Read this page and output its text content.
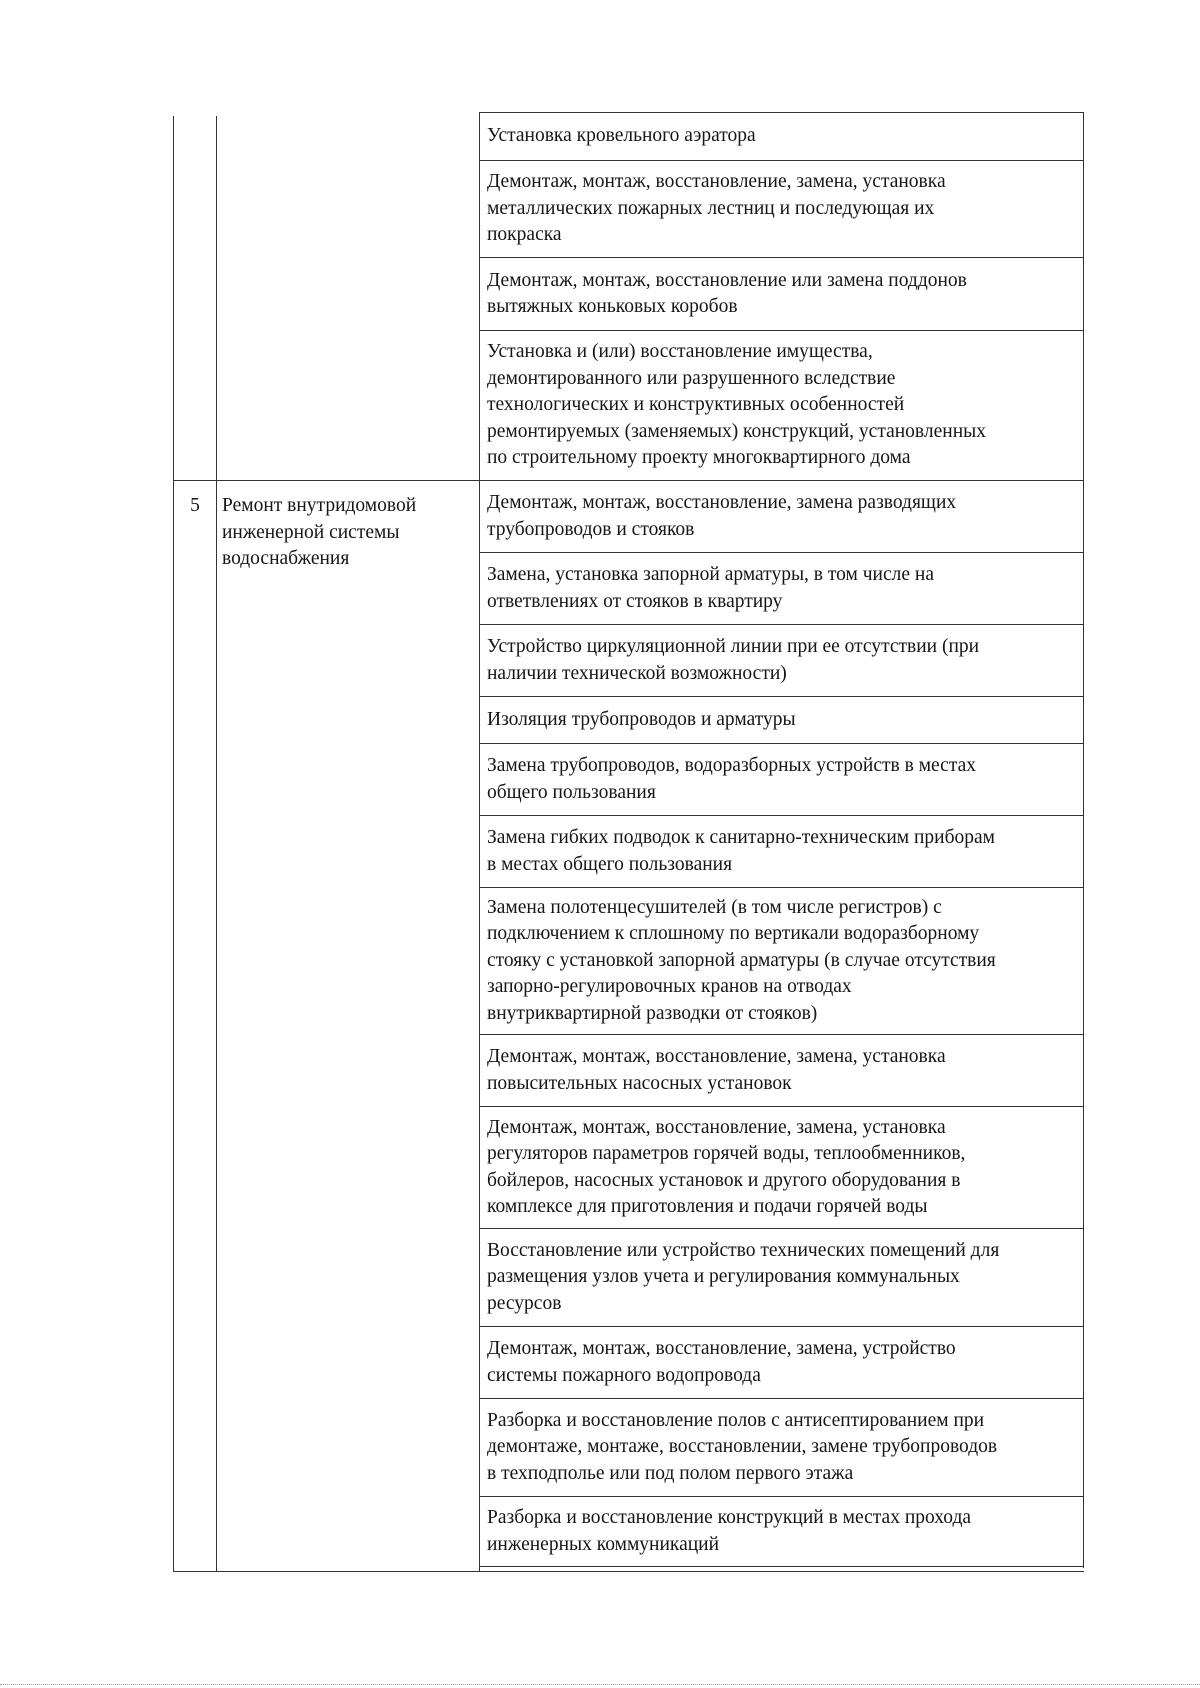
5	Ремонт внутридомовой
инженерной системы
водоснабжения
Установка кровельного аэратора
Демонтаж, монтаж, восстановление, замена, установка
металлических пожарных лестниц и последующая их
покраска
Демонтаж, монтаж, восстановление или замена поддонов
вытяжных коньковых коробов
Установка и (или) восстановление имущества,
демонтированного или разрушенного вследствие
технологических и конструктивных особенностей
ремонтируемых (заменяемых) конструкций, установленных
по строительному проекту многоквартирного дома
Демонтаж, монтаж, восстановление, замена разводящих
трубопроводов и стояков
Замена, установка запорной арматуры, в том числе на
ответвлениях от стояков в квартиру
Устройство циркуляционной линии при ее отсутствии (при
наличии технической возможности)
Изоляция трубопроводов и арматуры
Замена трубопроводов, водоразборных устройств в местах
общего пользования
Замена гибких подводок к санитарно-техническим приборам
в местах общего пользования
Замена полотенцесушителей (в том числе регистров) с
подключением к сплошному по вертикали водоразборному
стояку с установкой запорной арматуры (в случае отсутствия
запорно-регулировочных кранов на отводах
внутриквартирной разводки от стояков)
Демонтаж, монтаж, восстановление, замена, установка
повысительных насосных установок
Демонтаж, монтаж, восстановление, замена, установка
регуляторов параметров горячей воды, теплообменников,
бойлеров, насосных установок и другого оборудования в
комплексе для приготовления и подачи горячей воды
Восстановление или устройство технических помещений для
размещения узлов учета и регулирования коммунальных
ресурсов
Демонтаж, монтаж, восстановление, замена, устройство
системы пожарного водопровода
Разборка и восстановление полов с антисептированием при
демонтаже, монтаже, восстановлении, замене трубопроводов
в техподполье или под полом первого этажа
Разборка и восстановление конструкций в местах прохода
инженерных коммуникаций
